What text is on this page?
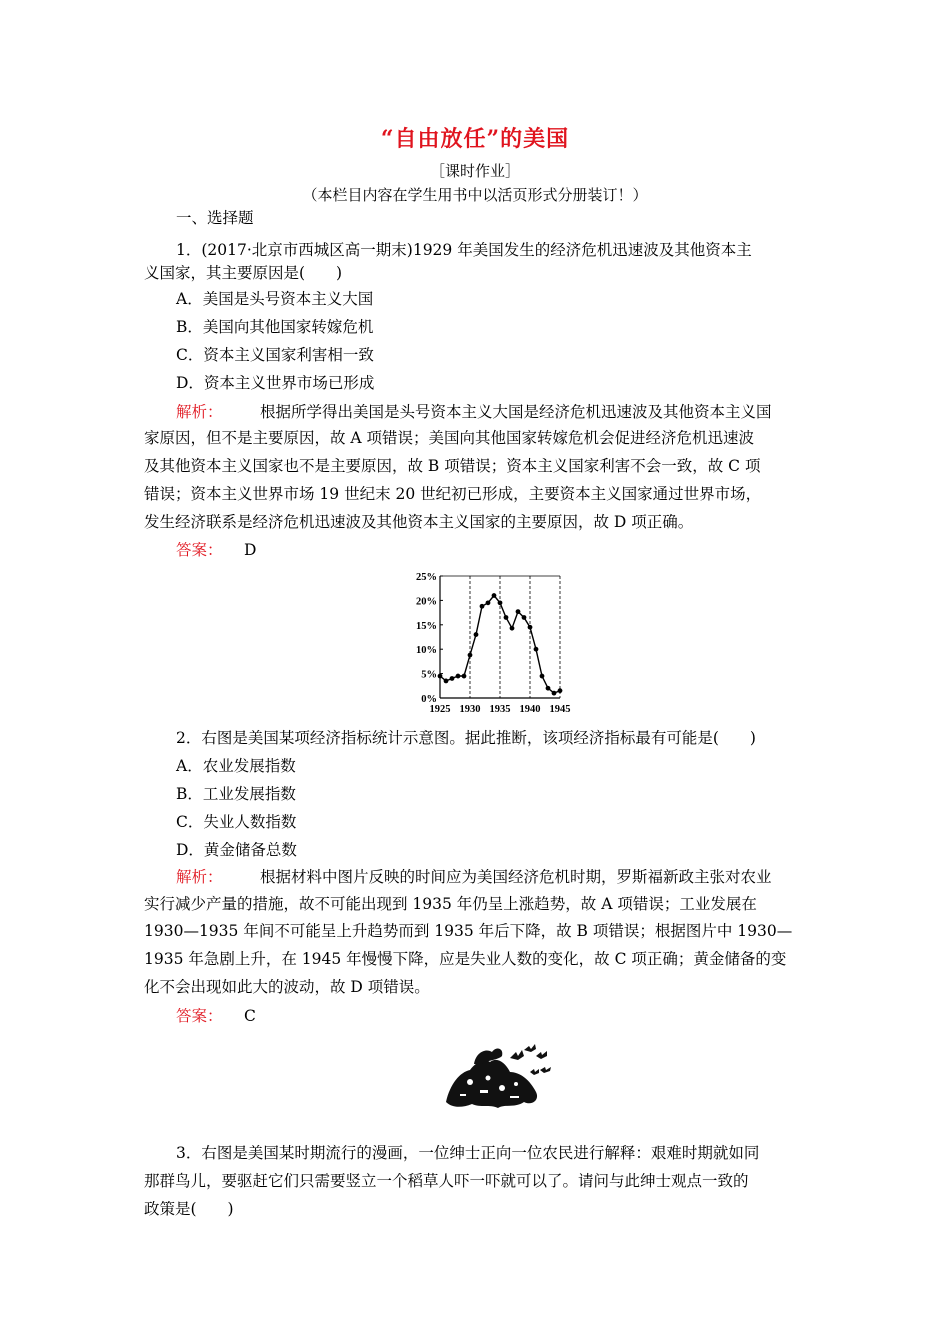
“自由放任”的美国
［课时作业］
（本栏目内容在学生用书中以活页形式分册装订！）
一、选择题
1．(2017·北京市西城区高一期末)1929 年美国发生的经济危机迅速波及其他资本主
义国家，其主要原因是(　　)
A．美国是头号资本主义大国
B．美国向其他国家转嫁危机
C．资本主义国家利害相一致
D．资本主义世界市场已形成
解析： 根据所学得出美国是头号资本主义大国是经济危机迅速波及其他资本主义国
家原因，但不是主要原因，故 A 项错误；美国向其他国家转嫁危机会促进经济危机迅速波
及其他资本主义国家也不是主要原因，故 B 项错误；资本主义国家利害不会一致，故 C 项
错误；资本主义世界市场 19 世纪末 20 世纪初已形成，主要资本主义国家通过世界市场，
发生经济联系是经济危机迅速波及其他资本主义国家的主要原因，故 D 项正确。
答案： D
25%
20%
15%
10%
5%
0%
1925 1930 1935 1940 1945
2．右图是美国某项经济指标统计示意图。据此推断，该项经济指标最有可能是(　　)
A．农业发展指数
B．工业发展指数
C．失业人数指数
D．黄金储备总数
解析： 根据材料中图片反映的时间应为美国经济危机时期，罗斯福新政主张对农业
实行减少产量的措施，故不可能出现到 1935 年仍呈上涨趋势，故 A 项错误；工业发展在
1930—1935 年间不可能呈上升趋势而到 1935 年后下降，故 B 项错误；根据图片中 1930—
1935 年急剧上升，在 1945 年慢慢下降，应是失业人数的变化，故 C 项正确；黄金储备的变
化不会出现如此大的波动，故 D 项错误。
答案： C
3．右图是美国某时期流行的漫画，一位绅士正向一位农民进行解释：艰难时期就如同
那群鸟儿，要驱赶它们只需要竖立一个稻草人吓一吓就可以了。请问与此绅士观点一致的
政策是(　　)
